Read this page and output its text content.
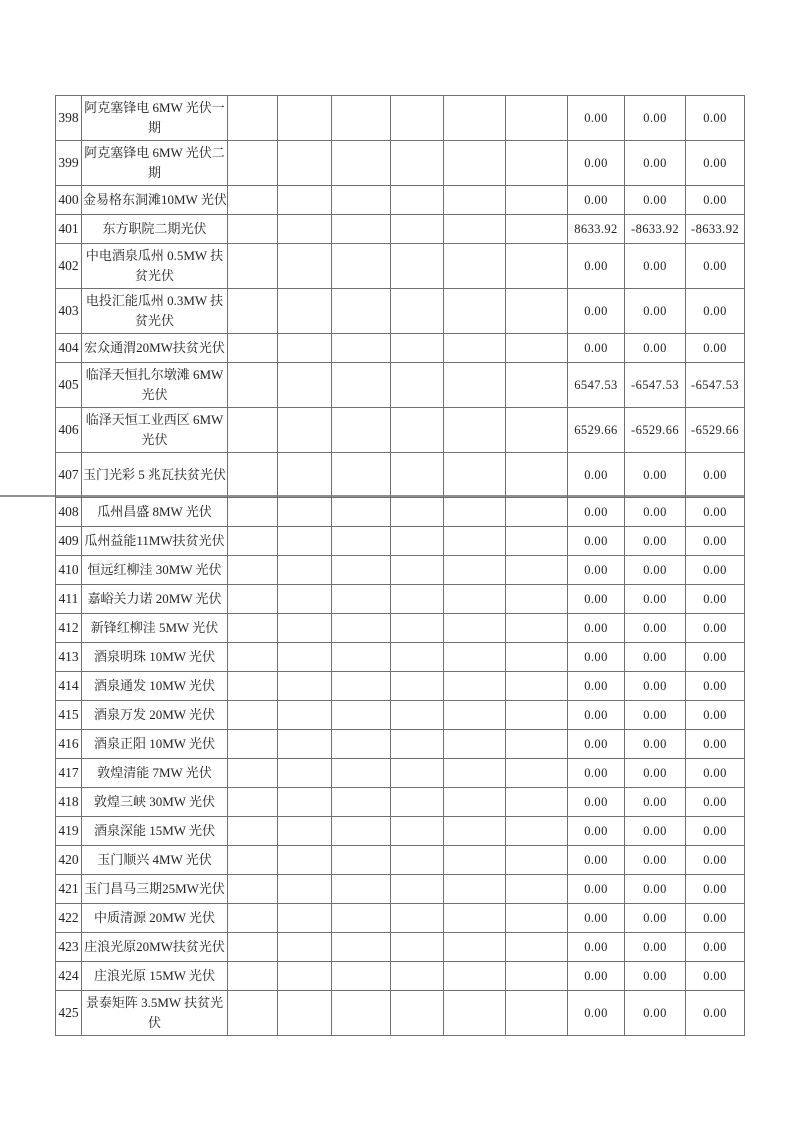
398	阿克塞锋电 6MW 光伏一期							0.00	0.00	0.00
399	阿克塞锋电 6MW 光伏二期							0.00	0.00	0.00
400	金易格东洞滩10MW 光伏							0.00	0.00	0.00
401	东方职院二期光伏							8633.92	-8633.92	-8633.92
402	中电酒泉瓜州 0.5MW 扶贫光伏							0.00	0.00	0.00
403	电投汇能瓜州 0.3MW 扶贫光伏							0.00	0.00	0.00
404	宏众通渭20MW扶贫光伏							0.00	0.00	0.00
405	临泽天恒扎尔墩滩 6MW 光伏							6547.53	-6547.53	-6547.53
406	临泽天恒工业西区 6MW 光伏							6529.66	-6529.66	-6529.66
407	玉门光彩 5 兆瓦扶贫光伏							0.00	0.00	0.00
408	瓜州昌盛 8MW 光伏							0.00	0.00	0.00
409	瓜州益能11MW扶贫光伏							0.00	0.00	0.00
410	恒远红柳洼 30MW 光伏							0.00	0.00	0.00
411	嘉峪关力诺 20MW 光伏							0.00	0.00	0.00
412	新锋红柳洼 5MW 光伏							0.00	0.00	0.00
413	酒泉明珠 10MW 光伏							0.00	0.00	0.00
414	酒泉通发 10MW 光伏							0.00	0.00	0.00
415	酒泉万发 20MW 光伏							0.00	0.00	0.00
416	酒泉正阳 10MW 光伏							0.00	0.00	0.00
417	敦煌清能 7MW 光伏							0.00	0.00	0.00
418	敦煌三峡 30MW 光伏							0.00	0.00	0.00
419	酒泉深能 15MW 光伏							0.00	0.00	0.00
420	玉门顺兴 4MW 光伏							0.00	0.00	0.00
421	玉门昌马三期25MW光伏							0.00	0.00	0.00
422	中质清源 20MW 光伏							0.00	0.00	0.00
423	庄浪光原20MW扶贫光伏							0.00	0.00	0.00
424	庄浪光原 15MW 光伏							0.00	0.00	0.00
425	景泰矩阵 3.5MW 扶贫光伏							0.00	0.00	0.00
